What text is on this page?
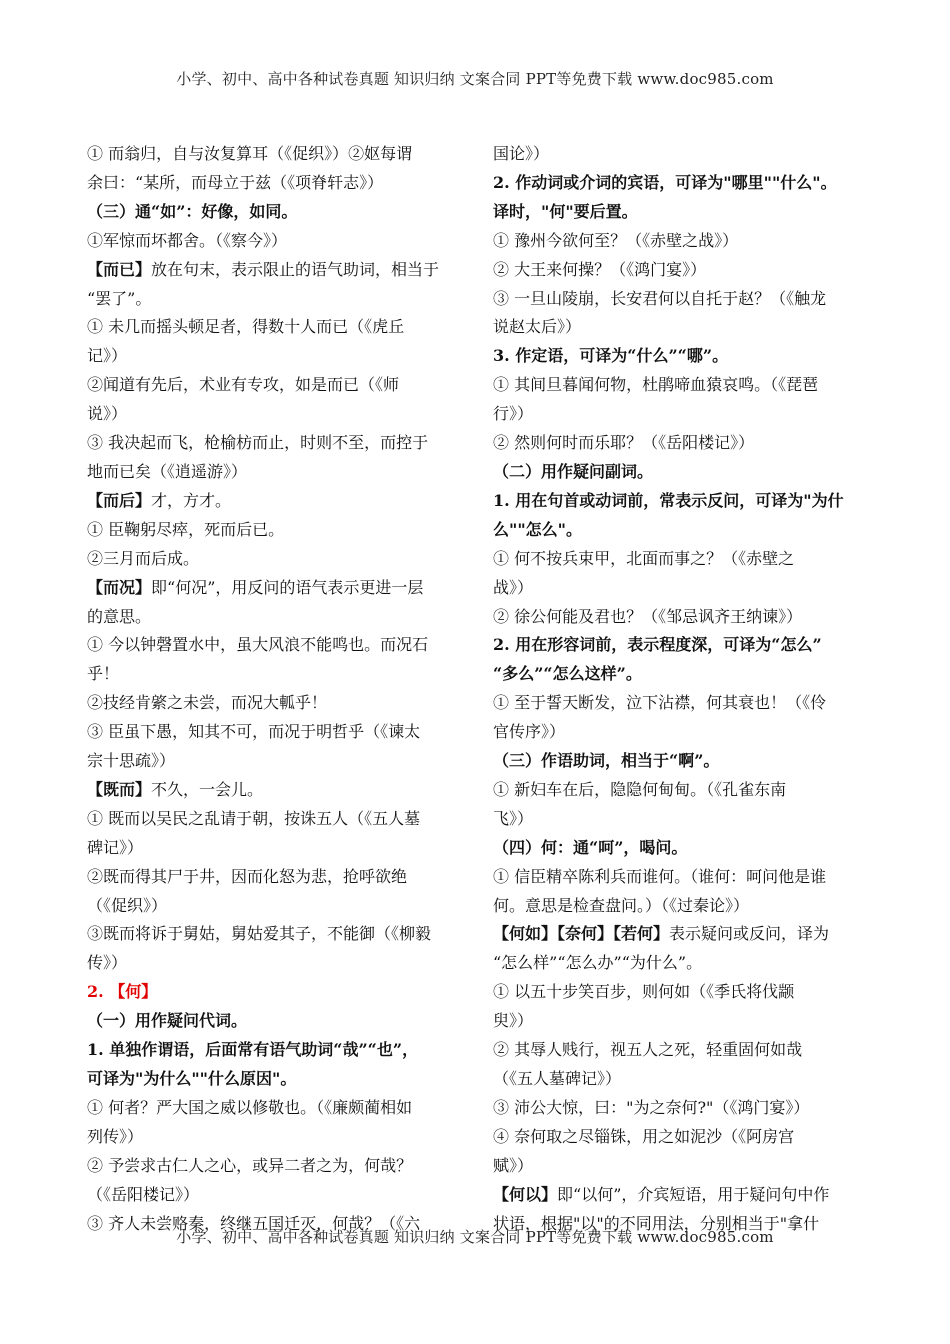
小学、初中、高中各种试卷真题 知识归纳 文案合同 PPT等免费下载 www.doc985.com
① 而翁归，自与汝复算耳（《促织》）②妪每谓
余曰：“某所，而母立于兹（《项脊轩志》）
（三）通“如”：好像，如同。
①军惊而坏都舍。（《察今》）
【而已】放在句末，表示限止的语气助词，相当于
“罢了”。
① 未几而摇头顿足者，得数十人而已（《虎丘
记》）
②闻道有先后，术业有专攻，如是而已（《师
说》）
③ 我决起而飞，枪榆枋而止，时则不至，而控于
地而已矣（《逍遥游》）
【而后】才，方才。
① 臣鞠躬尽瘁，死而后已。
②三月而后成。
【而况】即“何况”，用反问的语气表示更进一层
的意思。
① 今以钟磬置水中，虽大风浪不能鸣也。而况石
乎！
②技经肯綮之未尝，而况大軱乎！
③ 臣虽下愚，知其不可，而况于明哲乎（《谏太
宗十思疏》）
【既而】不久，一会儿。
① 既而以吴民之乱请于朝，按诛五人（《五人墓
碑记》）
②既而得其尸于井，因而化怒为悲，抢呼欲绝
（《促织》）
③既而将诉于舅姑，舅姑爱其子，不能御（《柳毅
传》）
2. 【何】
（一）用作疑问代词。
1. 单独作谓语，后面常有语气助词“哉”“也”，
可译为"为什么""什么原因"。
① 何者？严大国之威以修敬也。（《廉颇蔺相如
列传》）
② 予尝求古仁人之心，或异二者之为，何哉？
（《岳阳楼记》）
③ 齐人未尝赂秦，终继五国迁灭，何哉？（《六
国论》）
2. 作动词或介词的宾语，可译为"哪里""什么"。
译时，"何"要后置。
① 豫州今欲何至？（《赤壁之战》）
② 大王来何操？（《鸿门宴》）
③ 一旦山陵崩，长安君何以自托于赵？（《触龙
说赵太后》）
3. 作定语，可译为“什么”“哪”。
① 其间旦暮闻何物，杜鹃啼血猿哀鸣。（《琵琶
行》）
② 然则何时而乐耶？（《岳阳楼记》）
（二）用作疑问副词。
1. 用在句首或动词前，常表示反问，可译为"为什
么""怎么"。
① 何不按兵束甲，北面而事之？（《赤壁之
战》）
② 徐公何能及君也？（《邹忌讽齐王纳谏》）
2. 用在形容词前，表示程度深，可译为“怎么”
“多么”“怎么这样”。
① 至于誓天断发，泣下沾襟，何其衰也！（《伶
官传序》）
（三）作语助词，相当于“啊”。
① 新妇车在后，隐隐何甸甸。（《孔雀东南
飞》）
（四）何：通“呵”，喝问。
① 信臣精卒陈利兵而谁何。（谁何：呵问他是谁
何。意思是检查盘问。）（《过秦论》）
【何如】【奈何】【若何】表示疑问或反问，译为
“怎么样”“怎么办”“为什么”。
① 以五十步笑百步，则何如（《季氏将伐颛
臾》）
② 其辱人贱行，视五人之死，轻重固何如哉
（《五人墓碑记》）
③ 沛公大惊，曰："为之奈何?"（《鸿门宴》）
④ 奈何取之尽锱铢，用之如泥沙（《阿房宫
赋》）
【何以】即“以何”，介宾短语，用于疑问句中作
状语，根据"以"的不同用法，分别相当于"拿什
小学、初中、高中各种试卷真题 知识归纳 文案合同 PPT等免费下载 www.doc985.com
